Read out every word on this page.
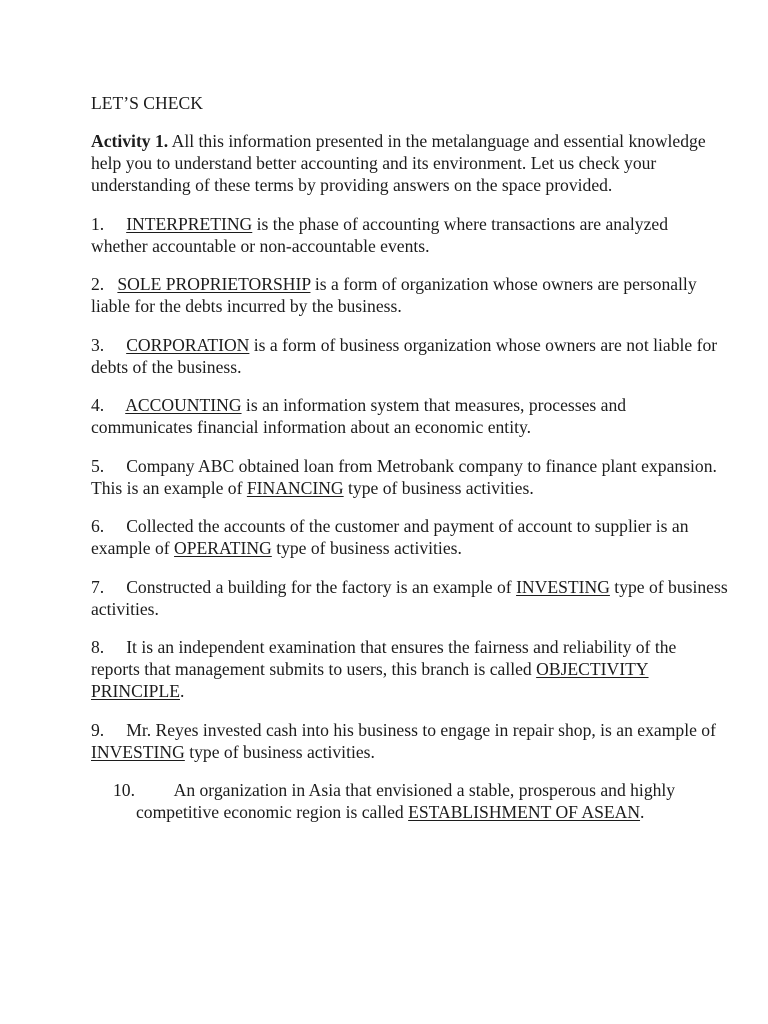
LET’S CHECK

Activity 1. All this information presented in the metalanguage and essential knowledge help you to understand better accounting and its environment. Let us check your understanding of these terms by providing answers on the space provided.

1.     INTERPRETING is the phase of accounting where transactions are analyzed whether accountable or non-accountable events.

2.   SOLE PROPRIETORSHIP is a form of organization whose owners are personally liable for the debts incurred by the business.

3.     CORPORATION is a form of business organization whose owners are not liable for debts of the business.

4.     ACCOUNTING is an information system that measures, processes and communicates financial information about an economic entity.

5.     Company ABC obtained loan from Metrobank company to finance plant expansion. This is an example of FINANCING type of business activities.

6.     Collected the accounts of the customer and payment of account to supplier is an example of OPERATING type of business activities.

7.     Constructed a building for the factory is an example of INVESTING type of business activities.

8.     It is an independent examination that ensures the fairness and reliability of the reports that management submits to users, this branch is called OBJECTIVITY PRINCIPLE.

9.     Mr. Reyes invested cash into his business to engage in repair shop, is an example of INVESTING type of business activities.

10.         An organization in Asia that envisioned a stable, prosperous and highly competitive economic region is called ESTABLISHMENT OF ASEAN.
